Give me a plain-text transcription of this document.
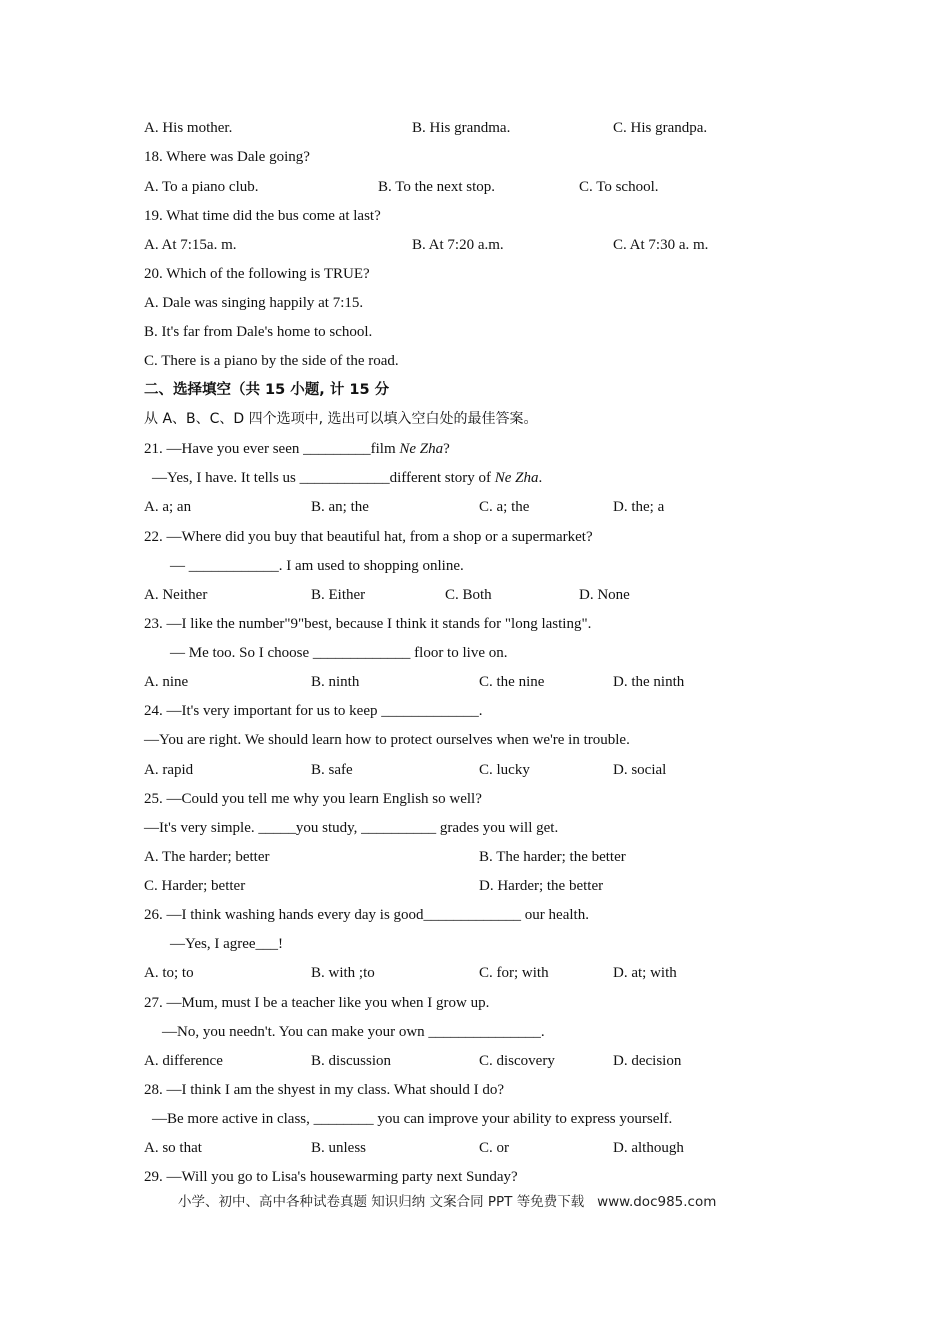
A. His mother.	B. His grandma.	C. His grandpa.
18. Where was Dale going?
A. To a piano club.	B. To the next stop.	C. To school.
19. What time did the bus come at last?
A. At 7:15a. m.	B. At 7:20 a.m.	C. At 7:30 a. m.
20. Which of the following is TRUE?
A. Dale was singing happily at 7:15.
B. It's far from Dale's home to school.
C. There is a piano by the side of the road.
二、选择填空（共 15 小题, 计 15 分
从 A、B、C、D 四个选项中, 选出可以填入空白处的最佳答案。
21. —Have you ever seen _________film Ne Zha?
—Yes, I have. It tells us ____________different story of Ne Zha.
A. a; an	B. an; the	C. a; the	D. the; a
22. —Where did you buy that beautiful hat, from a shop or a supermarket?
— ____________. I am used to shopping online.
A. Neither	B. Either	C. Both	D. None
23. —I like the number"9"best, because I think it stands for "long lasting".
— Me too. So I choose _____________ floor to live on.
A. nine	B. ninth	C. the nine	D. the ninth
24. —It's very important for us to keep _____________.
—You are right. We should learn how to protect ourselves when we're in trouble.
A. rapid	B. safe	C. lucky	D. social
25. —Could you tell me why you learn English so well?
—It's very simple. _____you study, __________ grades you will get.
A. The harder; better	B. The harder; the better
C. Harder; better	D. Harder; the better
26. —I think washing hands every day is good_____________ our health.
—Yes, I agree___!
A. to; to	B. with ;to	C. for; with	D. at; with
27. —Mum, must I be a teacher like you when I grow up.
—No, you needn't. You can make your own _______________.
A. difference	B. discussion	C. discovery	D. decision
28. —I think I am the shyest in my class. What should I do?
—Be more active in class, ________ you can improve your ability to express yourself.
A. so that	B. unless	C. or	D. although
29. —Will you go to Lisa's housewarming party next Sunday?
小学、初中、高中各种试卷真题 知识归纳 文案合同 PPT 等免费下载   www.doc985.com
